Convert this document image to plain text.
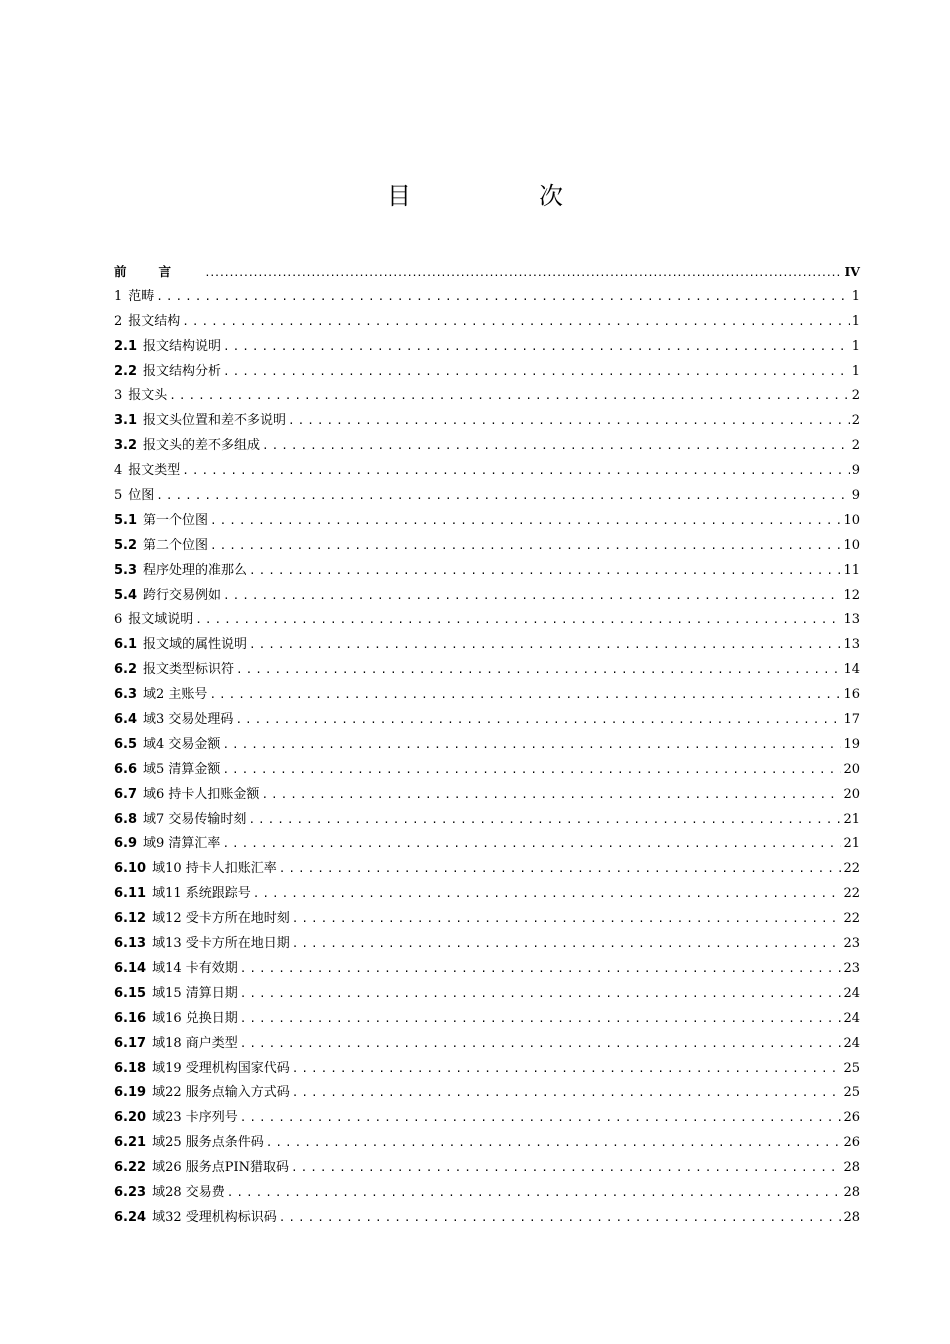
目　次
前言 .....	IV
1 范畴 .....	1
2 报文结构 .....	1
2.1 报文结构说明 .....	1
2.2 报文结构分析 .....	1
3 报文头 .....	2
3.1 报文头位置和差不多说明 .....	2
3.2 报文头的差不多组成 .....	2
4 报文类型 .....	9
5 位图 .....	9
5.1 第一个位图 .....	10
5.2 第二个位图 .....	10
5.3 程序处理的准那么 .....	11
5.4 跨行交易例如 .....	12
6 报文域说明 .....	13
6.1 报文域的属性说明 .....	13
6.2 报文类型标识符 .....	14
6.3 域2 主账号 .....	16
6.4 域3 交易处理码 .....	17
6.5 域4 交易金额 .....	19
6.6 域5 清算金额 .....	20
6.7 域6 持卡人扣账金额 .....	20
6.8 域7 交易传输时刻 .....	21
6.9 域9 清算汇率 .....	21
6.10 域10 持卡人扣账汇率 .....	22
6.11 域11 系统跟踪号 .....	22
6.12 域12 受卡方所在地时刻 .....	22
6.13 域13 受卡方所在地日期 .....	23
6.14 域14 卡有效期 .....	23
6.15 域15 清算日期 .....	24
6.16 域16 兑换日期 .....	24
6.17 域18 商户类型 .....	24
6.18 域19 受理机构国家代码 .....	25
6.19 域22 服务点输入方式码 .....	25
6.20 域23 卡序列号 .....	26
6.21 域25 服务点条件码 .....	26
6.22 域26 服务点PIN猎取码 .....	28
6.23 域28 交易费 .....	28
6.24 域32 受理机构标识码 .....	28
